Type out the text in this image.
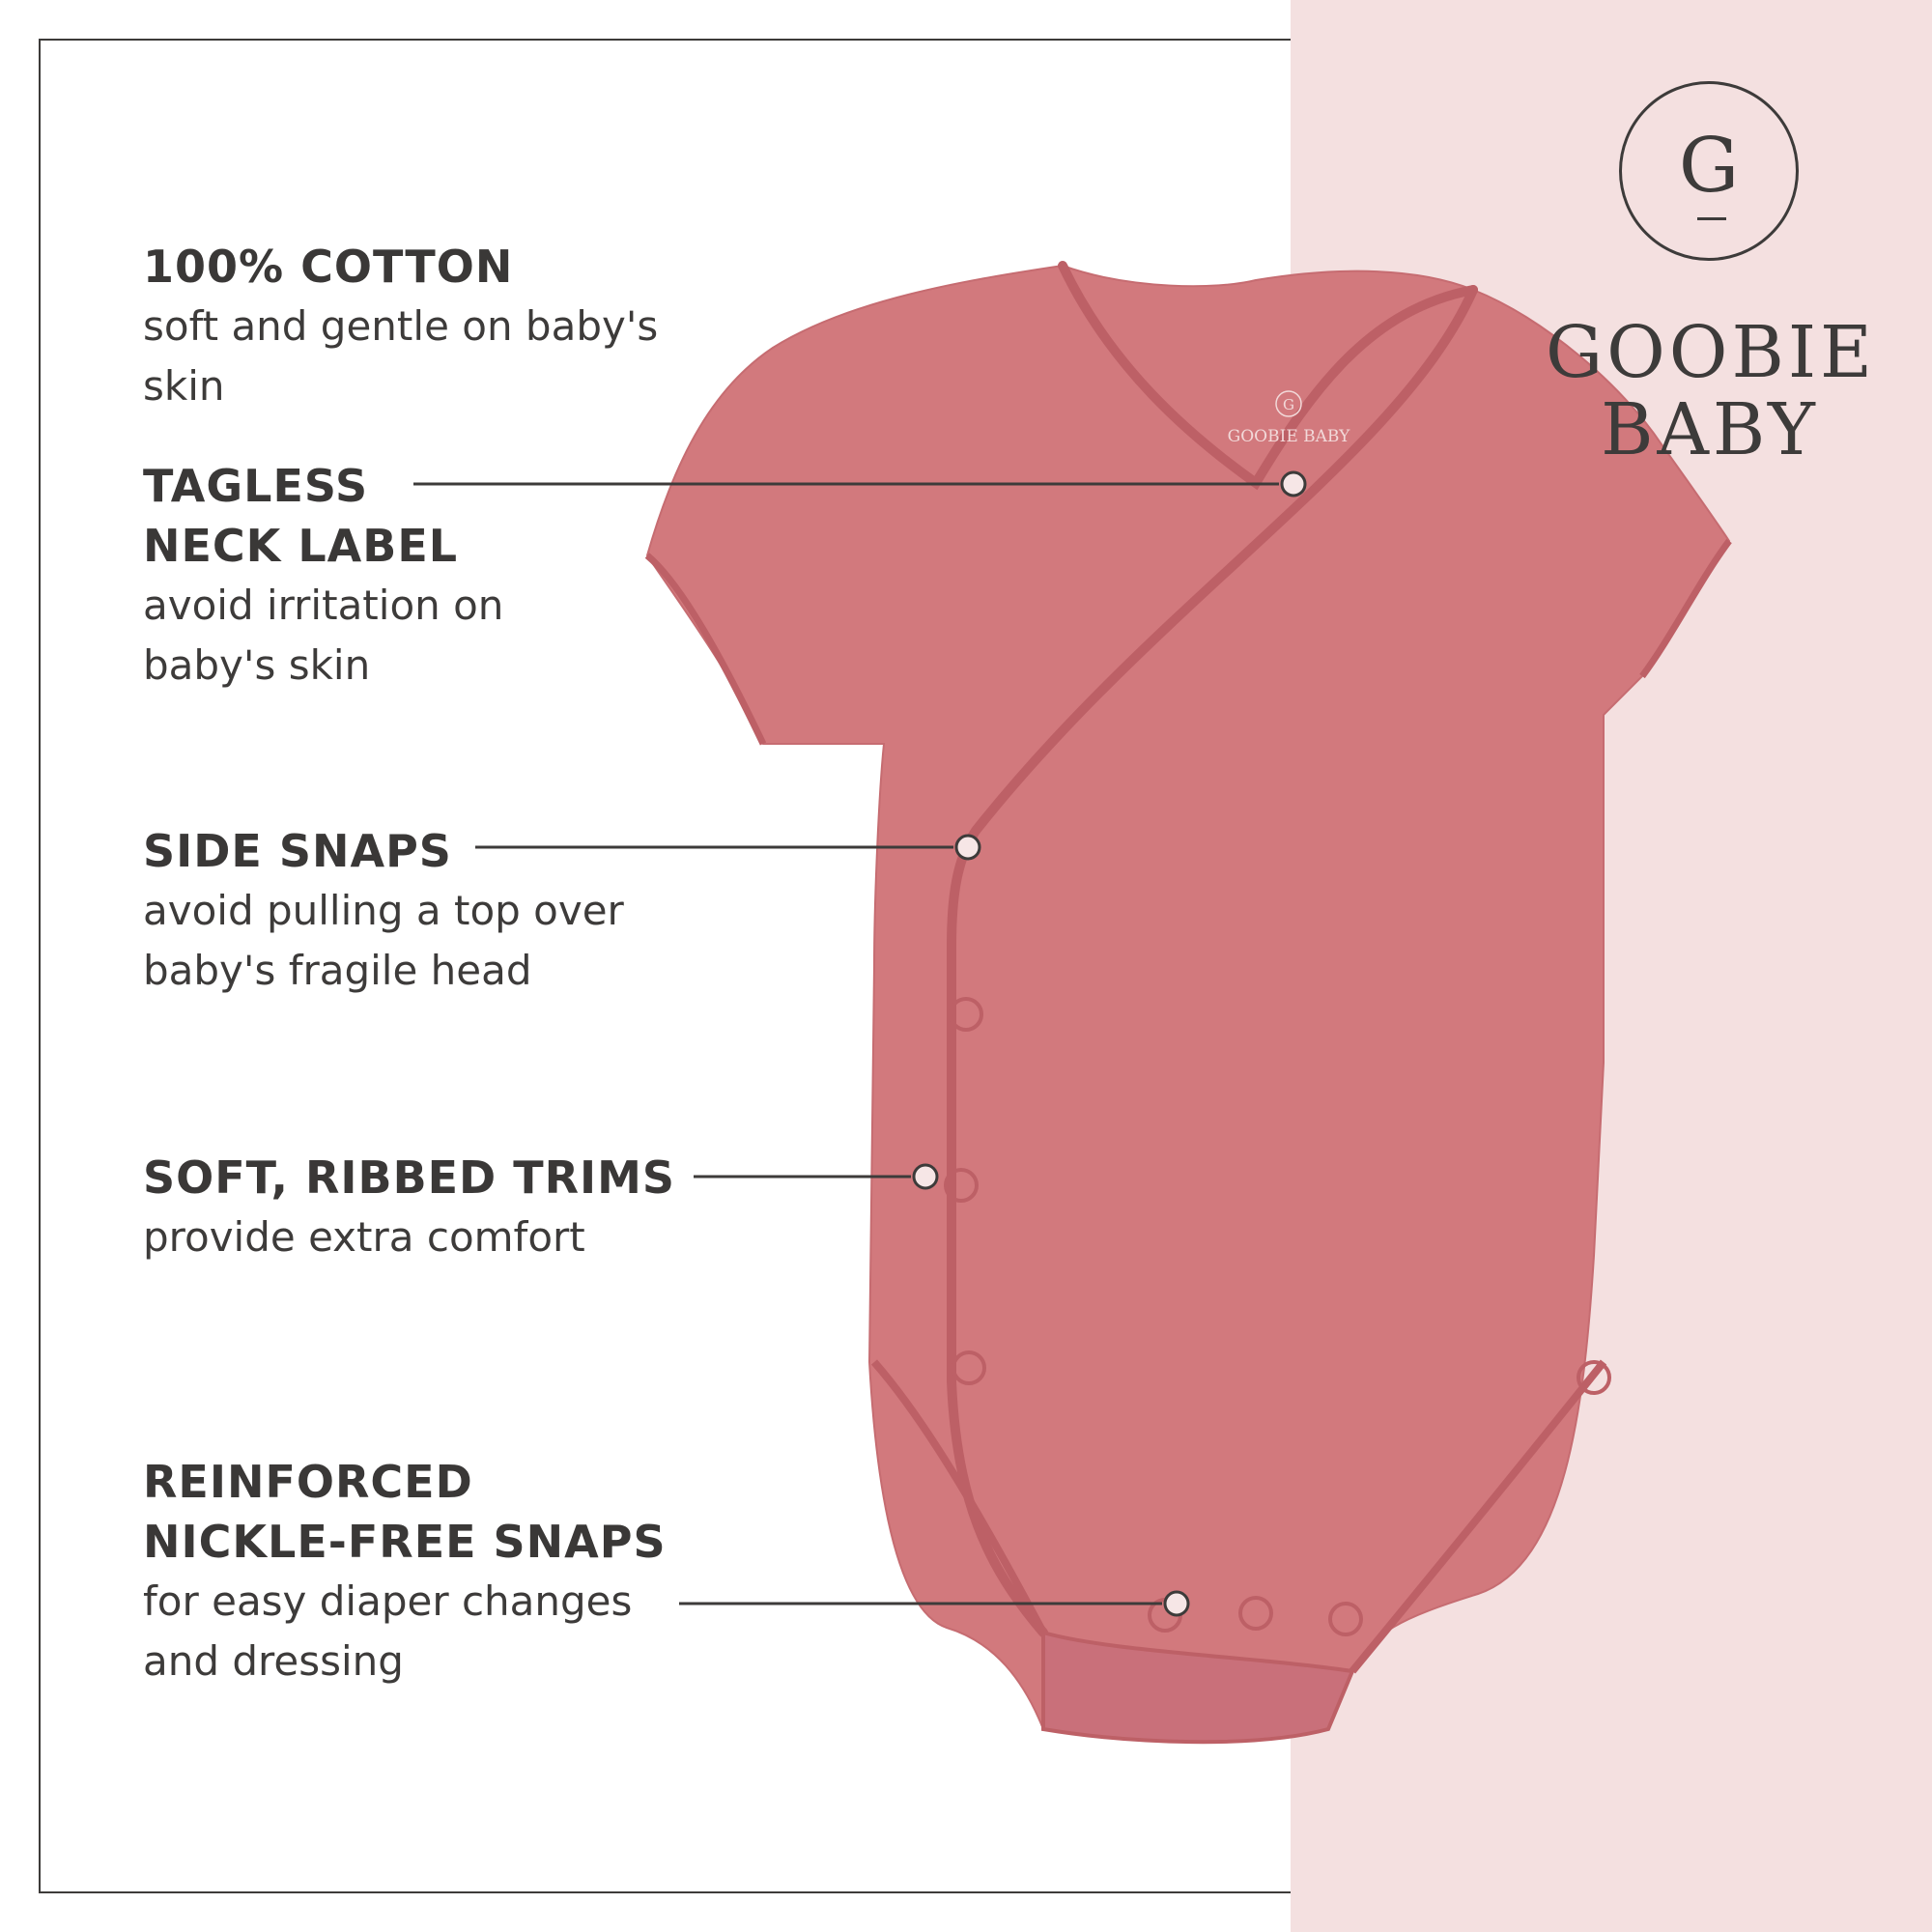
G
GOOBIE BABY
G
GOOBIE
BABY

100% COTTON

soft and gentle on baby's skin

TAGLESS
NECK LABEL

avoid irritation on
baby's skin

SIDE SNAPS

avoid pulling a top over
baby's fragile head

SOFT, RIBBED TRIMS

provide extra comfort

REINFORCED
NICKLE-FREE SNAPS

for easy diaper changes
and dressing
